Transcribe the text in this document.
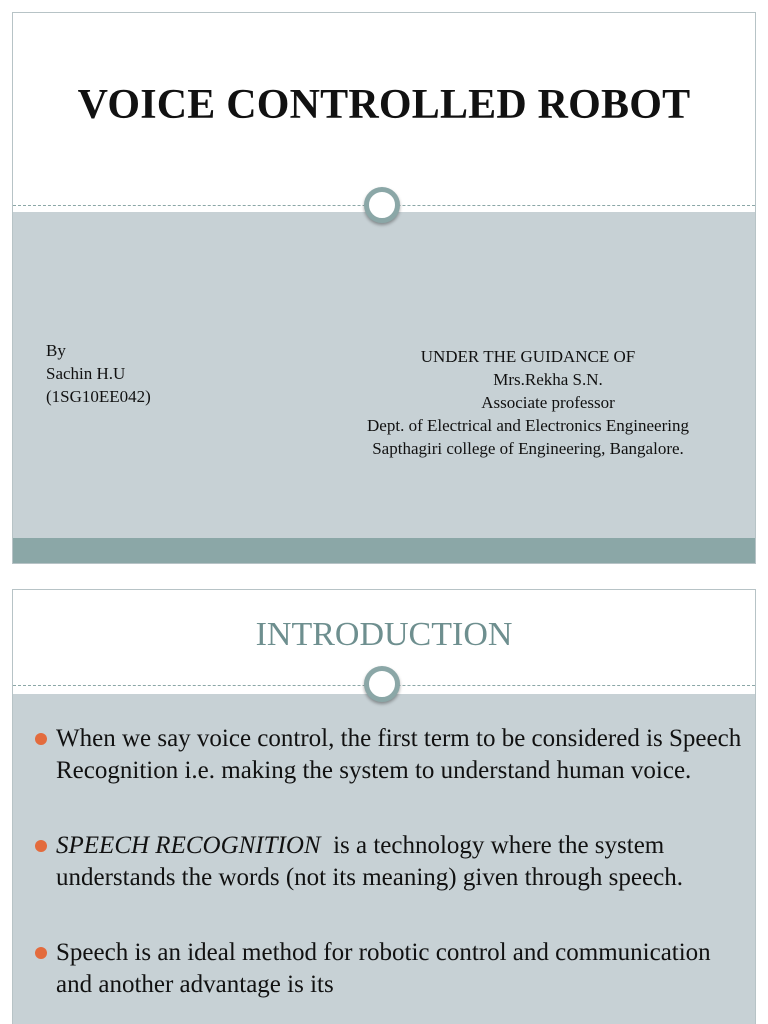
VOICE CONTROLLED ROBOT
By
Sachin H.U
(1SG10EE042)
UNDER THE GUIDANCE OF
Mrs.Rekha S.N.
Associate professor
Dept. of Electrical and Electronics Engineering
Sapthagiri college of Engineering, Bangalore.
INTRODUCTION
When we say voice control, the first term to be considered is Speech Recognition i.e. making the system to understand human voice.
SPEECH RECOGNITION  is a technology where the system understands the words (not its meaning) given through speech.
Speech is an ideal method for robotic control and communication and another advantage is its
